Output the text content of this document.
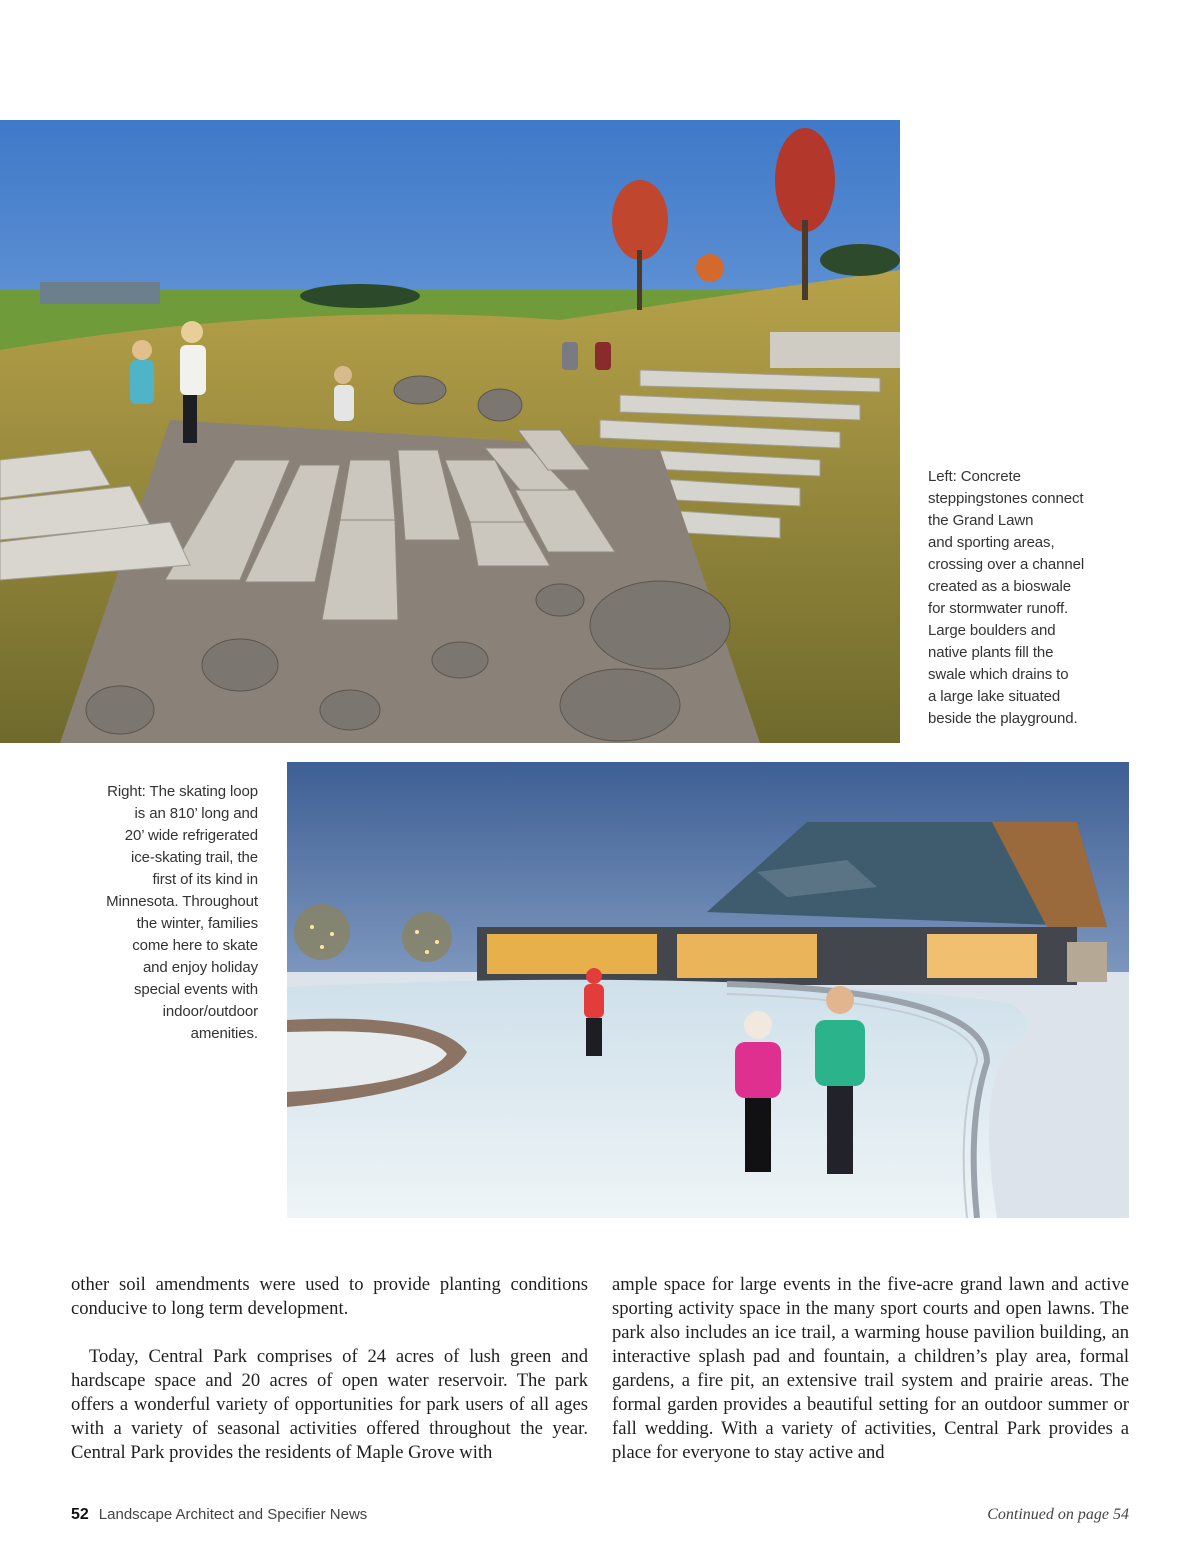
Left: Concrete
steppingstones connect
the Grand Lawn
and sporting areas,
crossing over a channel
created as a bioswale
for stormwater runoff.
Large boulders and
native plants fill the
swale which drains to
a large lake situated
beside the playground.
Right: The skating loop
is an 810’ long and
20’ wide refrigerated
ice-skating trail, the
first of its kind in
Minnesota. Throughout
the winter, families
come here to skate
and enjoy holiday
special events with
indoor/outdoor
amenities.

other soil amendments were used to provide planting conditions conducive to long term development.

Today, Central Park comprises of 24 acres of lush green and hardscape space and 20 acres of open water reservoir. The park offers a wonderful variety of opportunities for park users of all ages with a variety of seasonal activities offered throughout the year. Central Park provides the residents of Maple Grove with

ample space for large events in the five-acre grand lawn and active sporting activity space in the many sport courts and open lawns. The park also includes an ice trail, a warming house pavilion building, an interactive splash pad and fountain, a children’s play area, formal gardens, a fire pit, an extensive trail system and prairie areas. The formal garden provides a beautiful setting for an outdoor summer or fall wedding. With a variety of activities, Central Park provides a place for everyone to stay active and

52 Landscape Architect and Specifier News	Continued on page 54
